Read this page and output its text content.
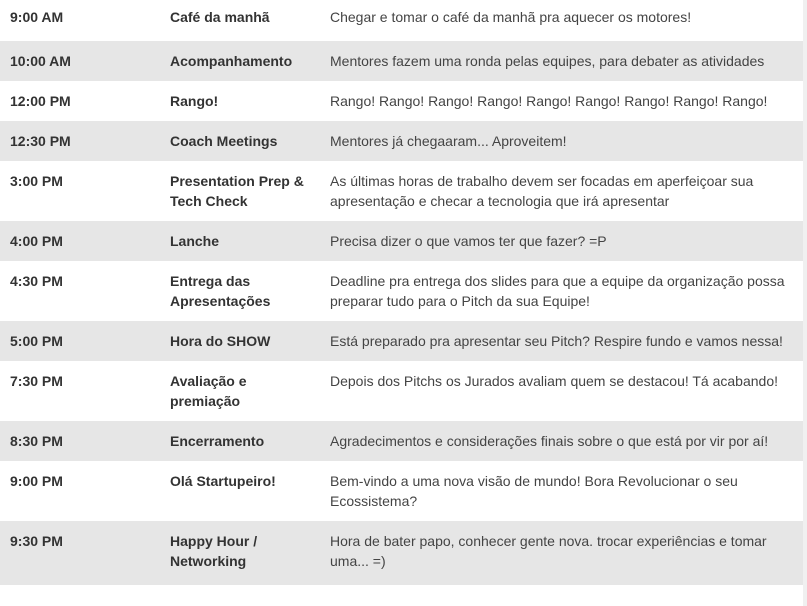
9:00 AM	Café da manhã	Chegar e tomar o café da manhã pra aquecer os motores!
10:00 AM	Acompanhamento	Mentores fazem uma ronda pelas equipes, para debater as atividades
12:00 PM	Rango!	Rango! Rango! Rango! Rango! Rango! Rango! Rango! Rango! Rango!
12:30 PM	Coach Meetings	Mentores já chegaaram... Aproveitem!
3:00 PM	Presentation Prep & Tech Check	As últimas horas de trabalho devem ser focadas em aperfeiçoar sua apresentação e checar a tecnologia que irá apresentar
4:00 PM	Lanche	Precisa dizer o que vamos ter que fazer? =P
4:30 PM	Entrega das Apresentações	Deadline pra entrega dos slides para que a equipe da organização possa preparar tudo para o Pitch da sua Equipe!
5:00 PM	Hora do SHOW	Está preparado pra apresentar seu Pitch? Respire fundo e vamos nessa!
7:30 PM	Avaliação e premiação	Depois dos Pitchs os Jurados avaliam quem se destacou! Tá acabando!
8:30 PM	Encerramento	Agradecimentos e considerações finais sobre o que está por vir por aí!
9:00 PM	Olá Startupeiro!	Bem-vindo a uma nova visão de mundo! Bora Revolucionar o seu Ecossistema?
9:30 PM	Happy Hour / Networking	Hora de bater papo, conhecer gente nova. trocar experiências e tomar uma... =)
